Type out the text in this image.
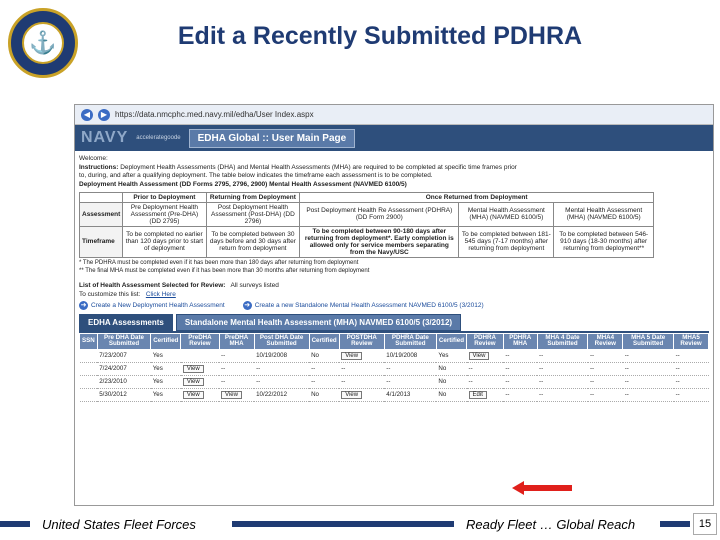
⚓	Edit a Recently Submitted PDHRA
◀	▶ https://data.nmcphc.med.navy.mil/edha/User Index.aspx
NAVY accelerategoode	EDHA Global :: User Main Page

Welcome:

Instructions: Deployment Health Assessments (DHA) and Mental Health Assessments (MHA) are required to be completed at specific time frames prior
to, during, and after a qualifying deployment. The table below indicates the timeframe each assessment is to be completed.

Deployment Health Assessment (DD Forms 2795, 2796, 2900) Mental Health Assessment (NAVMED 6100/5)

	Prior to Deployment	Returning from Deployment	Once Returned from Deployment		
Assessment	Pre Deployment Health Assessment (Pre-DHA) (DD 2795)	Post Deployment Health Assessment (Post-DHA) (DD 2796)	Post Deployment Health Re Assessment (PDHRA) (DD Form 2900)	Mental Health Assessment (MHA) (NAVMED 6100/5)	Mental Health Assessment (MHA) (NAVMED 6100/5)
Timeframe	To be completed no earlier than 120 days prior to start of deployment	To be completed between 30 days before and 30 days after return from deployment	To be completed between 90-180 days after returning from deployment*. Early completion is allowed only for service members separating from the Navy/USC	To be completed between 181-545 days (7-17 months) after returning from deployment	To be completed between 546-910 days (18-30 months) after returning from deployment**

* The PDHRA must be completed even if it has been more than 180 days after returning from deployment

** The final MHA must be completed even if it has been more than 30 months after returning from deployment

List of Health Assessment Selected for Review: All surveys listed

To customize this list: Click Here

➜ Create a New Deployment Health Assessment	➜ Create a new Standalone Mental Health Assessment NAVMED 6100/5 (3/2012)
EDHA Assessments	Standalone Mental Health Assessment (MHA) NAVMED 6100/5 (3/2012)
SSN	Pre DHA Date Submitted	Certified	PreDHA Review	PreDHA MHA	Post DHA Date Submitted	Certified	POSTDHA Review	PDHRA Date Submitted	Certified	PDHRA Review	PDHRA MHA	MHA 4 Date Submitted	MHA4 Review	MHA 5 Date Submitted	MHA5 Review
	7/23/2007	Yes		--	10/19/2008	No	View	10/19/2008	Yes	View	--	--	--	--	--
	7/24/2007	Yes	View	--	--	--	--	--	No	--	--	--	--	--	--
	2/23/2010	Yes	View	--	--	--	--	--	No	--	--	--	--	--	--
	5/30/2012	Yes	View	View	10/22/2012	No	View	4/1/2013	No	Edit	--	--	--	--	--
United States Fleet Forces	Ready Fleet … Global Reach	15
